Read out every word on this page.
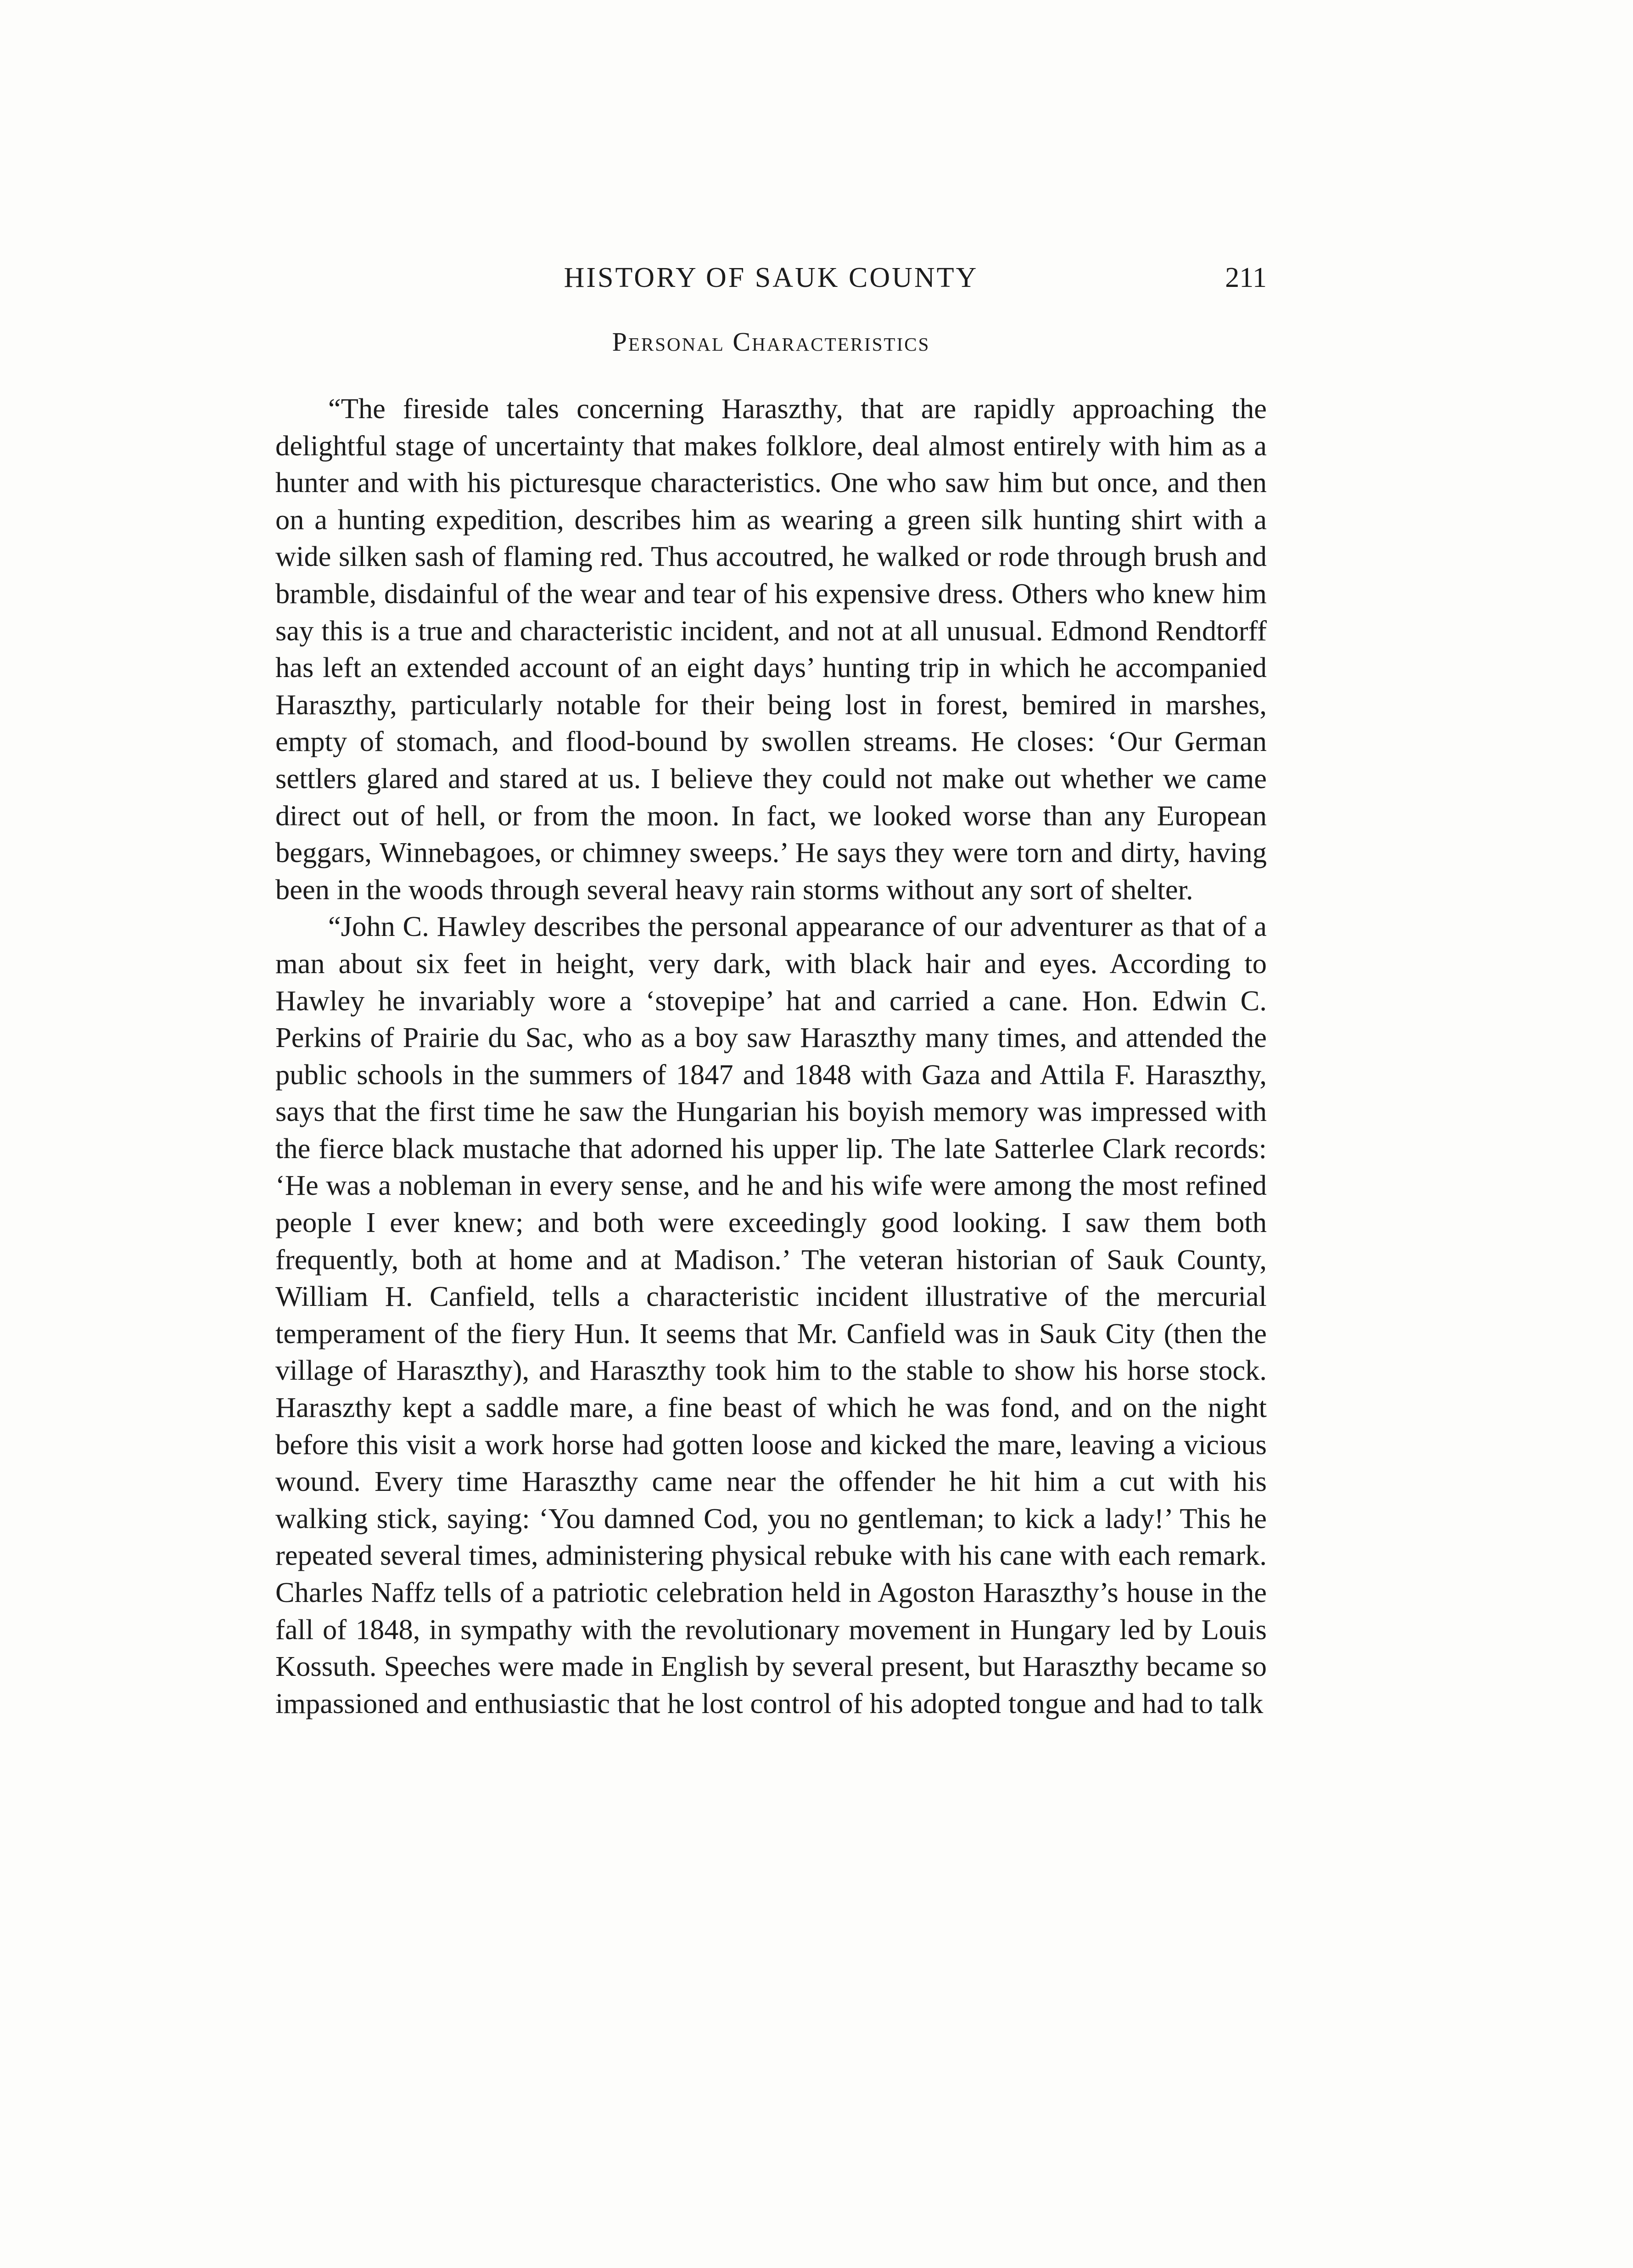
HISTORY OF SAUK COUNTY	211
Personal Characteristics

“The fireside tales concerning Haraszthy, that are rapidly approaching the delightful stage of uncertainty that makes folklore, deal almost entirely with him as a hunter and with his picturesque characteristics. One who saw him but once, and then on a hunting expedition, describes him as wearing a green silk hunting shirt with a wide silken sash of flaming red. Thus accoutred, he walked or rode through brush and bramble, disdainful of the wear and tear of his expensive dress. Others who knew him say this is a true and characteristic incident, and not at all unusual. Edmond Rendtorff has left an extended account of an eight days’ hunting trip in which he accompanied Haraszthy, particularly notable for their being lost in forest, bemired in marshes, empty of stomach, and flood-bound by swollen streams. He closes: ‘Our German settlers glared and stared at us. I believe they could not make out whether we came direct out of hell, or from the moon. In fact, we looked worse than any European beggars, Winnebagoes, or chimney sweeps.’ He says they were torn and dirty, having been in the woods through several heavy rain storms without any sort of shelter.

“John C. Hawley describes the personal appearance of our adventurer as that of a man about six feet in height, very dark, with black hair and eyes. According to Hawley he invariably wore a ‘stovepipe’ hat and carried a cane. Hon. Edwin C. Perkins of Prairie du Sac, who as a boy saw Haraszthy many times, and attended the public schools in the summers of 1847 and 1848 with Gaza and Attila F. Haraszthy, says that the first time he saw the Hungarian his boyish memory was impressed with the fierce black mustache that adorned his upper lip. The late Satterlee Clark records: ‘He was a nobleman in every sense, and he and his wife were among the most refined people I ever knew; and both were exceedingly good looking. I saw them both frequently, both at home and at Madison.’ The veteran historian of Sauk County, William H. Canfield, tells a characteristic incident illustrative of the mercurial temperament of the fiery Hun. It seems that Mr. Canfield was in Sauk City (then the village of Haraszthy), and Haraszthy took him to the stable to show his horse stock. Haraszthy kept a saddle mare, a fine beast of which he was fond, and on the night before this visit a work horse had gotten loose and kicked the mare, leaving a vicious wound. Every time Haraszthy came near the offender he hit him a cut with his walking stick, saying: ‘You damned Cod, you no gentleman; to kick a lady!’ This he repeated several times, administering physical rebuke with his cane with each remark. Charles Naffz tells of a patriotic celebration held in Agoston Haraszthy’s house in the fall of 1848, in sympathy with the revolutionary movement in Hungary led by Louis Kossuth. Speeches were made in English by several present, but Haraszthy became so impassioned and enthusiastic that he lost control of his adopted tongue and had to talk
